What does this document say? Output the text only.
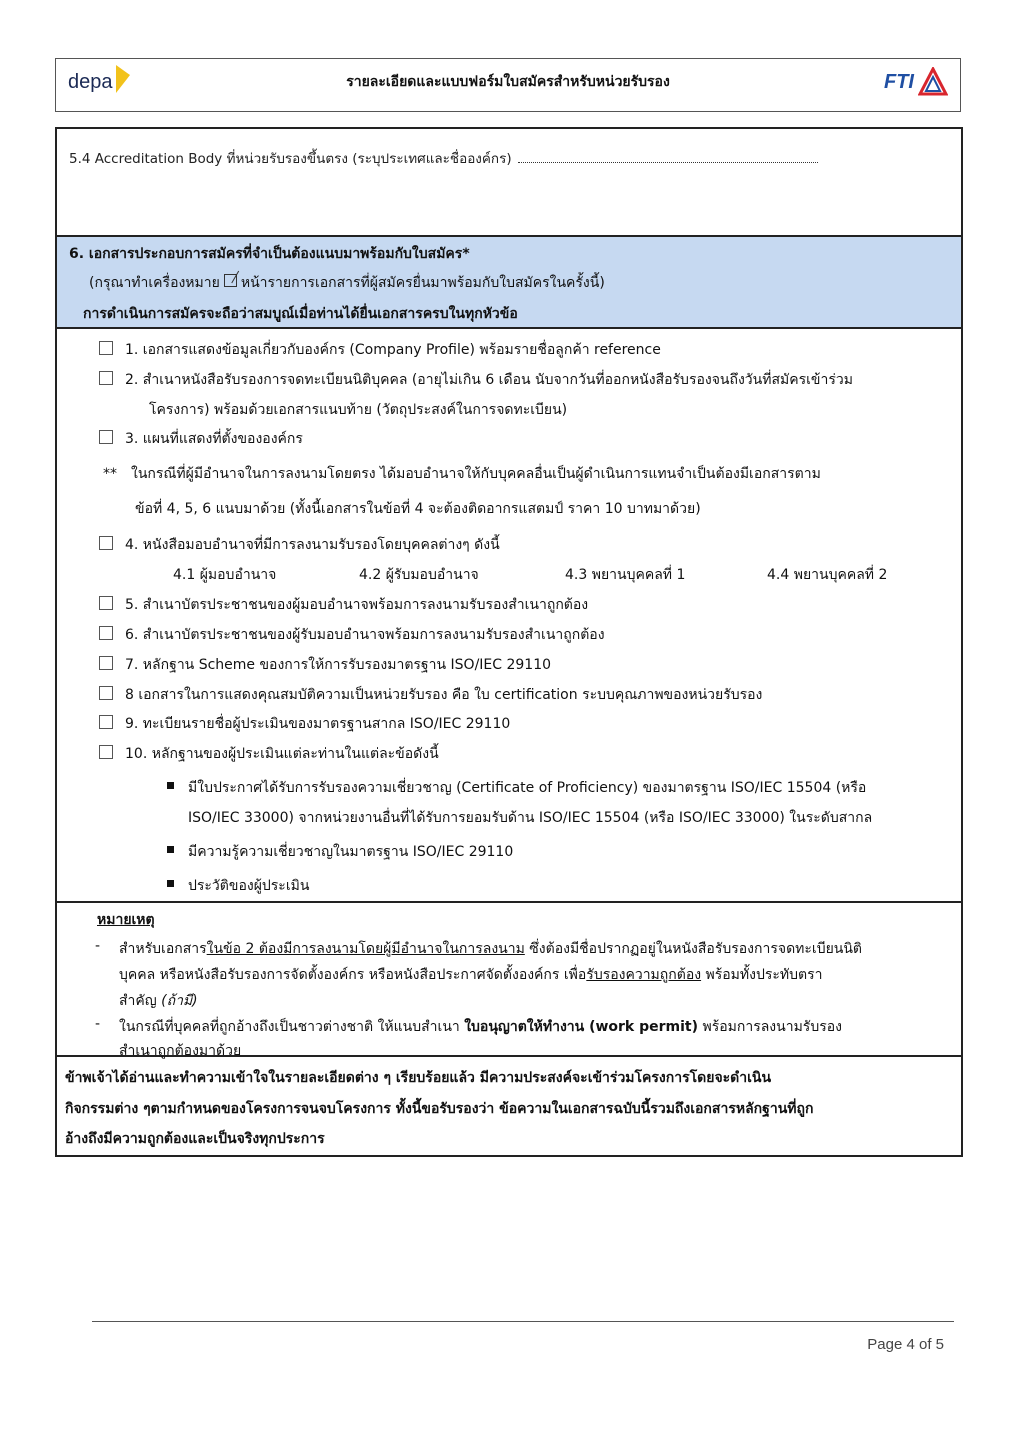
depa	รายละเอียดและแบบฟอร์มใบสมัครสำหรับหน่วยรับรอง	FTI
5.4 Accreditation Body ที่หน่วยรับรองขึ้นตรง (ระบุประเทศและชื่อองค์กร)
6. เอกสารประกอบการสมัครที่จำเป็นต้องแนบมาพร้อมกับใบสมัคร*
(กรุณาทำเครื่องหมาย หน้ารายการเอกสารที่ผู้สมัครยื่นมาพร้อมกับใบสมัครในครั้งนี้)
การดำเนินการสมัครจะถือว่าสมบูณ์เมื่อท่านได้ยื่นเอกสารครบในทุกหัวข้อ
1. เอกสารแสดงข้อมูลเกี่ยวกับองค์กร (Company Profile) พร้อมรายชื่อลูกค้า reference
2. สำเนาหนังสือรับรองการจดทะเบียนนิติบุคคล (อายุไม่เกิน 6 เดือน นับจากวันที่ออกหนังสือรับรองจนถึงวันที่สมัครเข้าร่วม
โครงการ) พร้อมด้วยเอกสารแนบท้าย (วัตถุประสงค์ในการจดทะเบียน)
3. แผนที่แสดงที่ตั้งขององค์กร
** ในกรณีที่ผู้มีอำนาจในการลงนามโดยตรง ได้มอบอำนาจให้กับบุคคลอื่นเป็นผู้ดำเนินการแทนจำเป็นต้องมีเอกสารตาม
ข้อที่ 4, 5, 6 แนบมาด้วย (ทั้งนี้เอกสารในข้อที่ 4 จะต้องติดอากรแสตมป์ ราคา 10 บาทมาด้วย)
4. หนังสือมอบอำนาจที่มีการลงนามรับรองโดยบุคคลต่างๆ ดังนี้
4.1 ผู้มอบอำนาจ	4.2 ผู้รับมอบอำนาจ	4.3 พยานบุคคลที่ 1	4.4 พยานบุคคลที่ 2
5. สำเนาบัตรประชาชนของผู้มอบอำนาจพร้อมการลงนามรับรองสำเนาถูกต้อง
6. สำเนาบัตรประชาชนของผู้รับมอบอำนาจพร้อมการลงนามรับรองสำเนาถูกต้อง
7. หลักฐาน Scheme ของการให้การรับรองมาตรฐาน ISO/IEC 29110
8 เอกสารในการแสดงคุณสมบัติความเป็นหน่วยรับรอง คือ ใบ certification ระบบคุณภาพของหน่วยรับรอง
9. ทะเบียนรายชื่อผู้ประเมินของมาตรฐานสากล ISO/IEC 29110
10. หลักฐานของผู้ประเมินแต่ละท่านในแต่ละข้อดังนี้
มีใบประกาศได้รับการรับรองความเชี่ยวชาญ (Certificate of Proficiency) ของมาตรฐาน ISO/IEC 15504 (หรือ
ISO/IEC 33000) จากหน่วยงานอื่นที่ได้รับการยอมรับด้าน ISO/IEC 15504 (หรือ ISO/IEC 33000) ในระดับสากล
มีความรู้ความเชี่ยวชาญในมาตรฐาน ISO/IEC 29110
ประวัติของผู้ประเมิน
หมายเหตุ
- สำหรับเอกสารในข้อ 2 ต้องมีการลงนามโดยผู้มีอำนาจในการลงนาม ซึ่งต้องมีชื่อปรากฏอยู่ในหนังสือรับรองการจดทะเบียนนิติ
บุคคล หรือหนังสือรับรองการจัดตั้งองค์กร หรือหนังสือประกาศจัดตั้งองค์กร เพื่อรับรองความถูกต้อง พร้อมทั้งประทับตรา
สำคัญ (ถ้ามี)
- ในกรณีที่บุคคลที่ถูกอ้างถึงเป็นชาวต่างชาติ ให้แนบสำเนา ใบอนุญาตให้ทำงาน (work permit) พร้อมการลงนามรับรอง
สำเนาถูกต้องมาด้วย

ข้าพเจ้าได้อ่านและทำความเข้าใจในรายละเอียดต่าง ๆ เรียบร้อยแล้ว มีความประสงค์จะเข้าร่วมโครงการโดยจะดำเนิน

กิจกรรมต่าง ๆตามกำหนดของโครงการจนจบโครงการ ทั้งนี้ขอรับรองว่า ข้อความในเอกสารฉบับนี้รวมถึงเอกสารหลักฐานที่ถูก

อ้างถึงมีความถูกต้องและเป็นจริงทุกประการ

Page 4 of 5
